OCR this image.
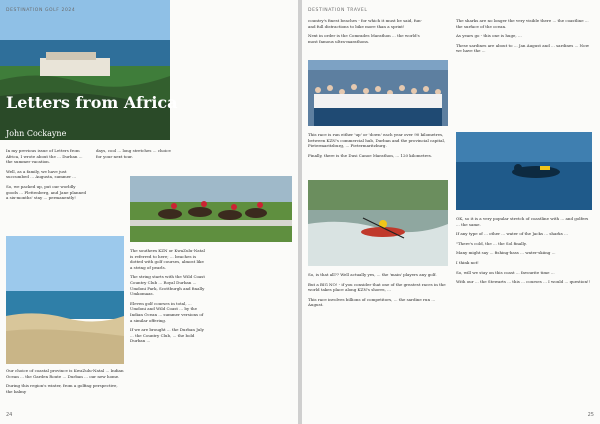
DESTINATION GOLF 2024
Letters from Africa
John Cockayne

In my previous issue of Letters from Africa, I wrote about the ... Durban ... the summer vacation.

Well, as a family, we have just succumbed ... Augusta, summer ...

So, we packed up, put our worldly goods ... Plettenberg, and Jane planned a six-months' stay ... permanently!

Our choice of coastal province is KwaZulu-Natal ... Indian Ocean ... the Garden Route ... Durban ... our new home.

During this region's winter, from a golfing perspective, the balmy

days, cool ... long stretches ... choice for your next tour.

The southern KZN or KwaZulu-Natal is referred to here; ... beaches is dotted with golf courses, almost like a string of pearls.

The string starts with the Wild Coast Country Club ... Royal Durban ... Umdoni Park, Scottburgh and finally Umkomaas.

Eleven golf courses in total, ... Umdoni and Wild Coast ... by the Indian Ocean ... summer versions of a similar offering.

If we are brought ... the Durban July ... the Country Club, ... the bold Durban ...

24
DESTINATION TRAVEL

country's finest beaches - for which it must be said, fun- and full distractions to bike more than a sprint!

Next in order is the Comrades Marathon ... the world's most famous ultra-marathons.

This race is run either 'up' or 'down' each year over 90 kilometres, between KZN's commercial hub, Durban and the provincial capital, Pietermaritzburg, ... Pietermaritzburg.

Finally, there is the Dusi Canoe Marathon, ... 120 kilometres.

So, is that all?? Well actually yes, ... the 'main' players any golf.

But a BIG NO! - if you consider that one of the greatest races in the world takes place along KZN's shores, ...

This race involves billions of competitors, ... the sardine run ... August.

The sharks are no longer the very visible there ... the coastline ... the surface of the ocean.

As years go - this one is huge, ...

These sardines are about to ... Jan August and ... sardines ... Now we have the ...

OK, so it is a very popular stretch of coastline with ... and golfers ... the same.

If any type of ... other ... water of the Jacks ... sharks ...

"There's cold, the ... the Sol finally.

Many might say ... fishing-bass ... water-skiing ...

I think not!

So, will we stay on this coast ... favourite time ...

With our ... the Stewarts ... this ... courses ... I would ... question!!

25
